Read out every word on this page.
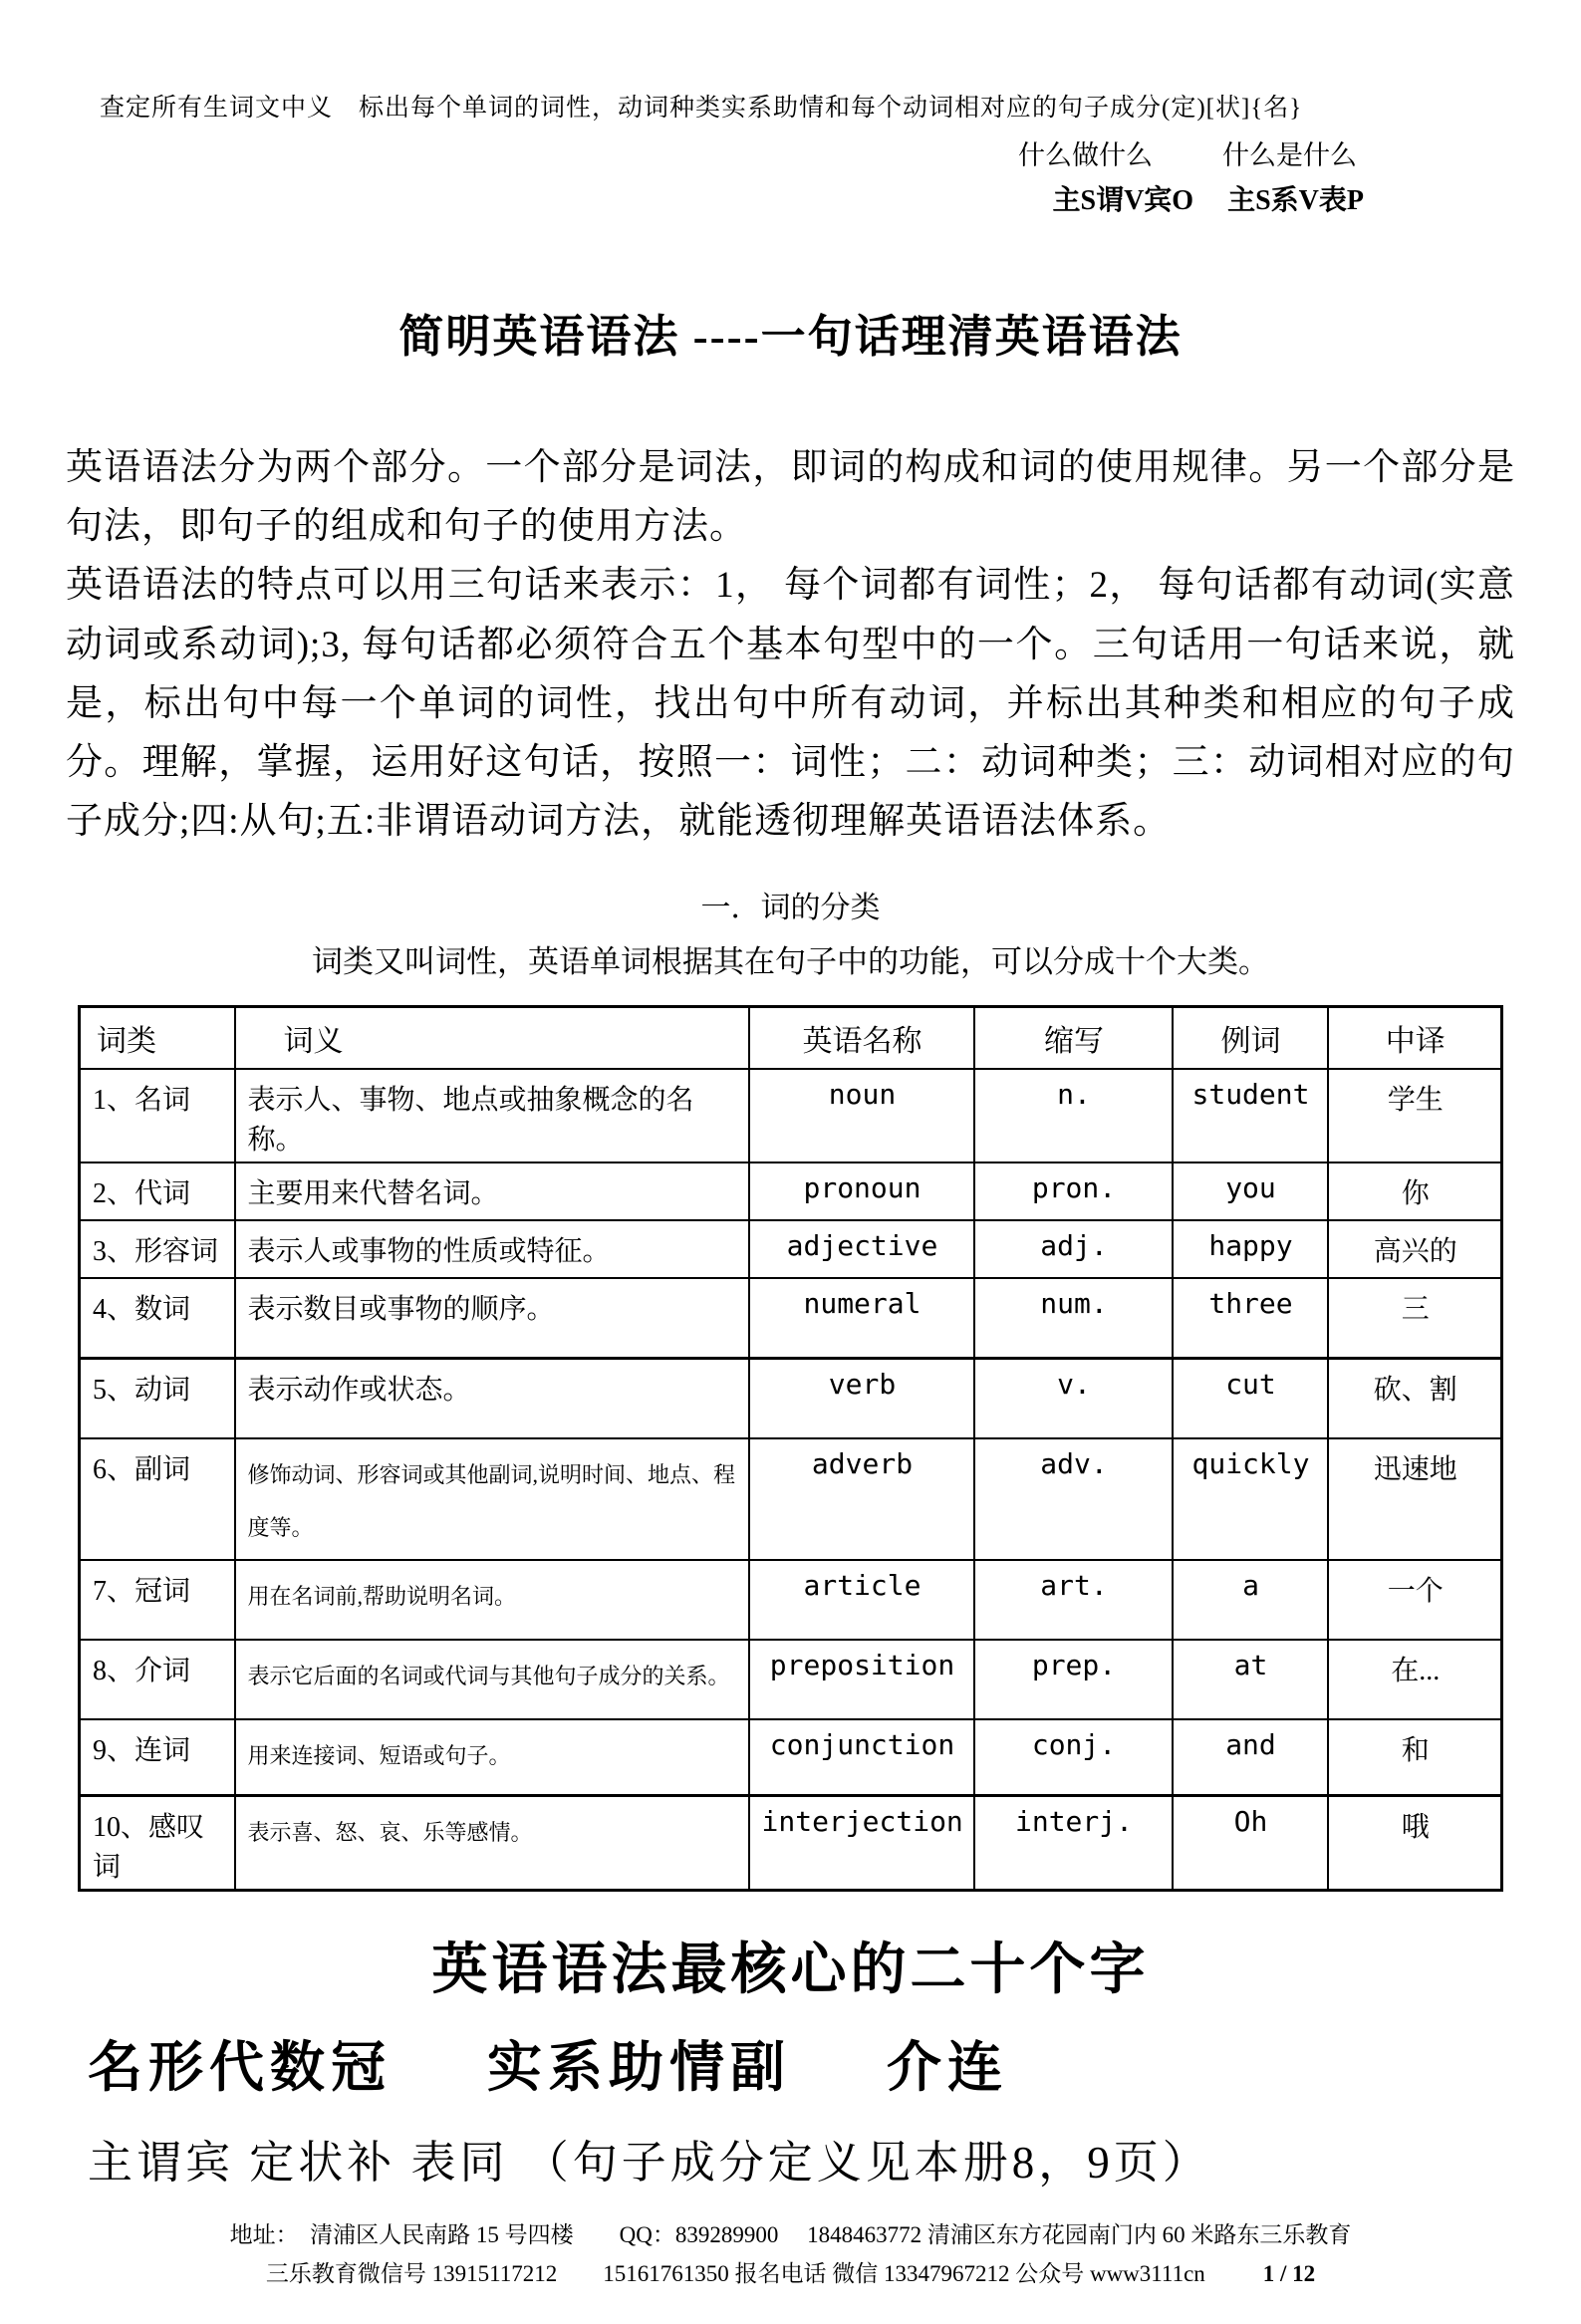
查定所有生词文中义　标出每个单词的词性，动词种类实系助情和每个动词相对应的句子成分(定)[状]{名}
什么做什么	什么是什么
主S谓V宾O 主S系V表P
简明英语语法 ----一句话理清英语语法

英语语法分为两个部分。一个部分是词法，即词的构成和词的使用规律。另一个部分是句法，即句子的组成和句子的使用方法。

英语语法的特点可以用三句话来表示：1， 每个词都有词性；2， 每句话都有动词(实意动词或系动词);3, 每句话都必须符合五个基本句型中的一个。三句话用一句话来说，就是，标出句中每一个单词的词性，找出句中所有动词，并标出其种类和相应的句子成分。理解，掌握，运用好这句话，按照一：词性；二：动词种类；三：动词相对应的句子成分;四:从句;五:非谓语动词方法，就能透彻理解英语语法体系。

一．词的分类
词类又叫词性，英语单词根据其在句子中的功能，可以分成十个大类。
词类	词义	英语名称	缩写	例词	中译
1、名词	表示人、事物、地点或抽象概念的名称。	noun	n.	student	学生
2、代词	主要用来代替名词。	pronoun	pron.	you	你
3、形容词	表示人或事物的性质或特征。	adjective	adj.	happy	高兴的
4、数词	表示数目或事物的顺序。	numeral	num.	three	三
5、动词	表示动作或状态。	verb	v.	cut	砍、割
6、副词	修饰动词、形容词或其他副词,说明时间、地点、程度等。	adverb	adv.	quickly	迅速地
7、冠词	用在名词前,帮助说明名词。	article	art.	a	一个
8、介词	表示它后面的名词或代词与其他句子成分的关系。	preposition	prep.	at	在...
9、连词	用来连接词、短语或句子。	conjunction	conj.	and	和
10、感叹词	表示喜、怒、哀、乐等感情。	interjection	interj.	Oh	哦
英语语法最核心的二十个字
名形代数冠 实系助情副 介连
主谓宾 定状补 表同 （句子成分定义见本册8，9页）
地址：　清浦区人民南路 15 号四楼　　QQ：839289900　 1848463772 清浦区东方花园南门内 60 米路东三乐教育
三乐教育微信号 13915117212　　15161761350 报名电话 微信 13347967212 公众号 www3111cn	1 / 12
